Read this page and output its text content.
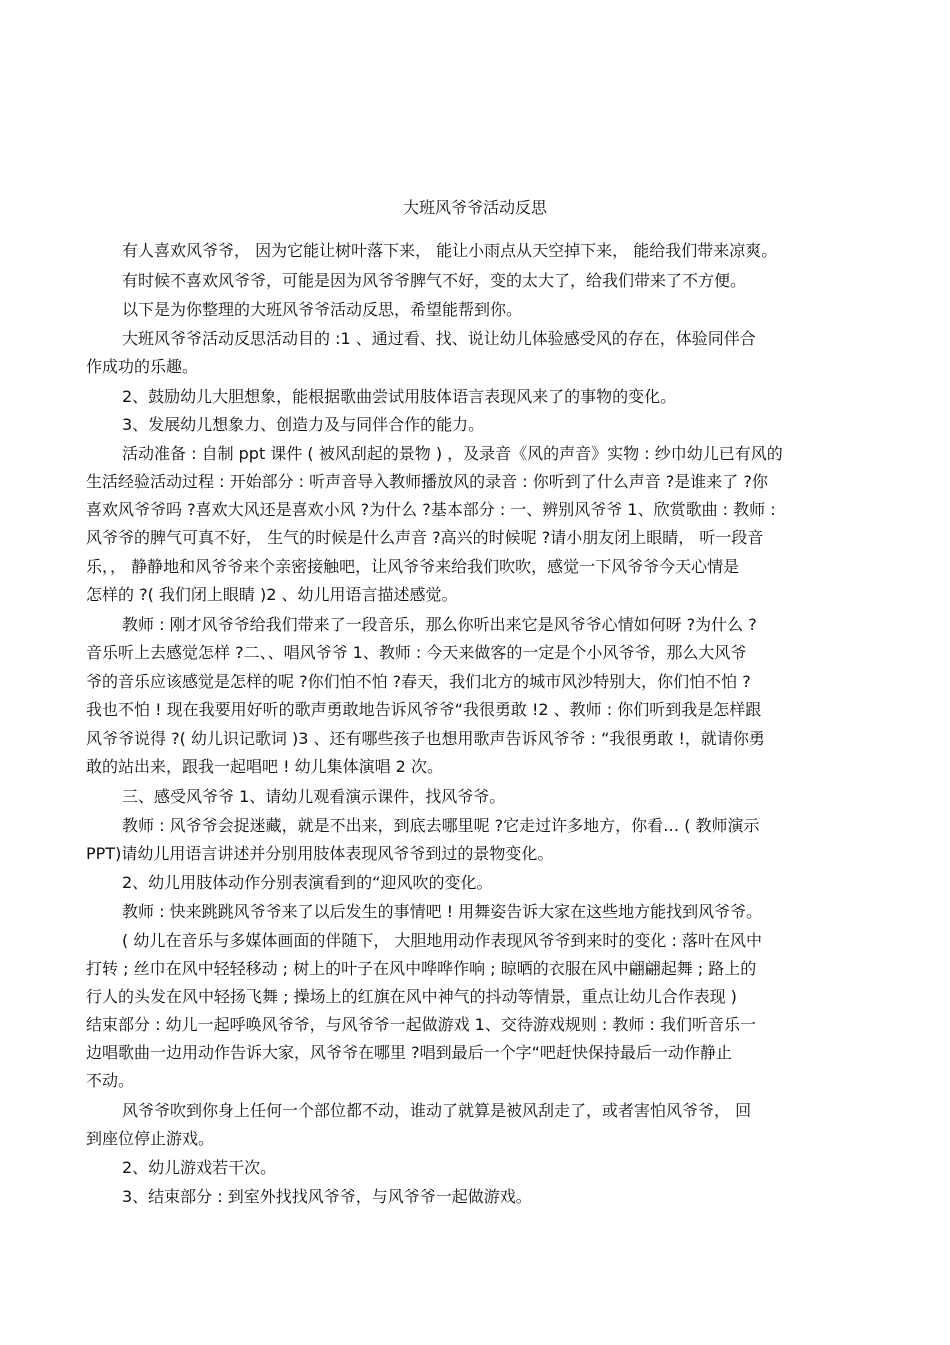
大班风爷爷活动反思
有人喜欢风爷爷， 因为它能让树叶落下来， 能让小雨点从天空掉下来， 能给我们带来凉爽。
有时候不喜欢风爷爷，可能是因为风爷爷脾气不好，变的太大了，给我们带来了不方便。
以下是为你整理的大班风爷爷活动反思，希望能帮到你。
大班风爷爷活动反思活动目的 :1 、通过看、找、说让幼儿体验感受风的存在，体验同伴合
作成功的乐趣。
2、鼓励幼儿大胆想象，能根据歌曲尝试用肢体语言表现风来了的事物的变化。
3、发展幼儿想象力、创造力及与同伴合作的能力。
活动准备 : 自制 ppt 课件 ( 被风刮起的景物 ) ，及录音《风的声音》实物 : 纱巾幼儿已有风的
生活经验活动过程 : 开始部分 : 听声音导入教师播放风的录音 : 你听到了什么声音 ?是谁来了 ?你
喜欢风爷爷吗 ?喜欢大风还是喜欢小风 ?为什么 ?基本部分 : 一、辨别风爷爷 1、欣赏歌曲 : 教师 :
风爷爷的脾气可真不好， 生气的时候是什么声音 ?高兴的时候呢 ?请小朋友闭上眼睛， 听一段音
乐，， 静静地和风爷爷来个亲密接触吧，让风爷爷来给我们吹吹，感觉一下风爷爷今天心情是
怎样的 ?( 我们闭上眼睛 )2 、幼儿用语言描述感觉。
教师 : 刚才风爷爷给我们带来了一段音乐，那么你听出来它是风爷爷心情如何呀 ?为什么 ?
音乐听上去感觉怎样 ?二、、唱风爷爷 1、教师 : 今天来做客的一定是个小风爷爷，那么大风爷
爷的音乐应该感觉是怎样的呢 ?你们怕不怕 ?春天，我们北方的城市风沙特别大，你们怕不怕 ?
我也不怕 ! 现在我要用好听的歌声勇敢地告诉风爷爷“我很勇敢 !2 、教师 : 你们听到我是怎样跟
风爷爷说得 ?( 幼儿识记歌词 )3 、还有哪些孩子也想用歌声告诉风爷爷 : “我很勇敢 !，就请你勇
敢的站出来，跟我一起唱吧 ! 幼儿集体演唱 2 次。
三、感受风爷爷 1、请幼儿观看演示课件，找风爷爷。
教师 : 风爷爷会捉迷藏，就是不出来，到底去哪里呢 ?它走过许多地方，你看… ( 教师演示
PPT)请幼儿用语言讲述并分别用肢体表现风爷爷到过的景物变化。
2、幼儿用肢体动作分别表演看到的“迎风吹的变化。
教师 : 快来跳跳风爷爷来了以后发生的事情吧 ! 用舞姿告诉大家在这些地方能找到风爷爷。
( 幼儿在音乐与多媒体画面的伴随下， 大胆地用动作表现风爷爷到来时的变化 : 落叶在风中
打转 ; 丝巾在风中轻轻移动 ; 树上的叶子在风中哗哗作响 ; 晾晒的衣服在风中翩翩起舞 ; 路上的
行人的头发在风中轻扬飞舞 ; 操场上的红旗在风中神气的抖动等情景，重点让幼儿合作表现 )
结束部分 : 幼儿一起呼唤风爷爷，与风爷爷一起做游戏 1、交待游戏规则 : 教师 : 我们听音乐一
边唱歌曲一边用动作告诉大家，风爷爷在哪里 ?唱到最后一个字“吧赶快保持最后一动作静止
不动。
风爷爷吹到你身上任何一个部位都不动，谁动了就算是被风刮走了，或者害怕风爷爷， 回
到座位停止游戏。
2、幼儿游戏若干次。
3、结束部分 : 到室外找找风爷爷，与风爷爷一起做游戏。
